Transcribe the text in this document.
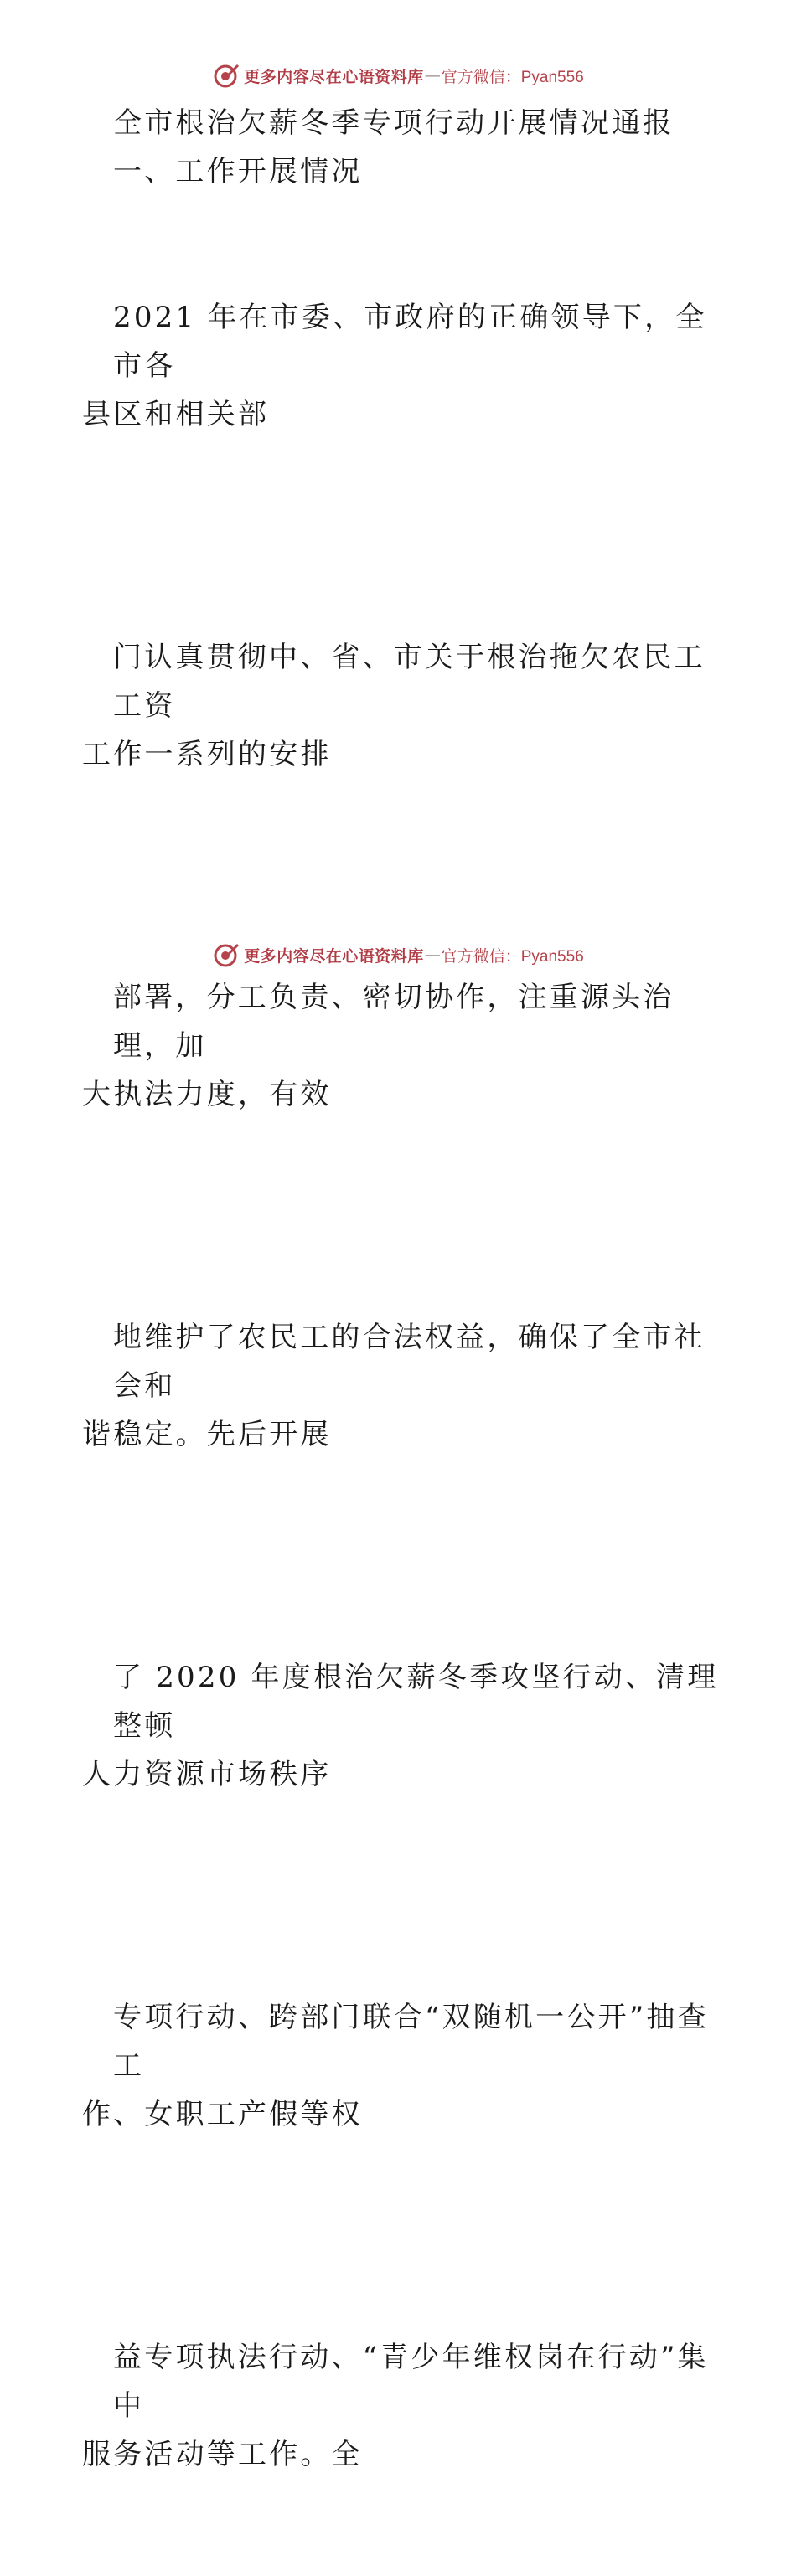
更多内容尽在心语资料库 — 官方微信：Pyan556

全市根治欠薪冬季专项行动开展情况通报

一、工作开展情况

2021 年在市委、市政府的正确领导下，全市各
县区和相关部

门认真贯彻中、省、市关于根治拖欠农民工工资
工作一系列的安排

部署，分工负责、密切协作，注重源头治理，加
大执法力度，有效

地维护了农民工的合法权益，确保了全市社会和
谐稳定。先后开展

了 2020 年度根治欠薪冬季攻坚行动、清理整顿
人力资源市场秩序

专项行动、跨部门联合“双随机一公开”抽查工
作、女职工产假等权

益专项执法行动、“青少年维权岗在行动”集中
服务活动等工作。全

更多内容尽在心语资料库 — 官方微信：Pyan556
